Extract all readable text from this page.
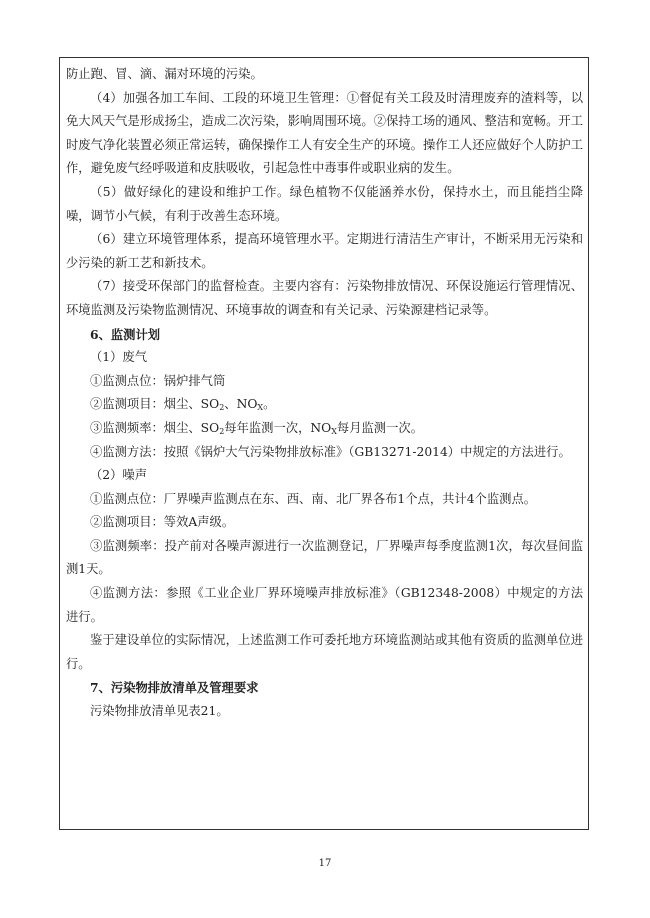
防止跑、冒、滴、漏对环境的污染。

（4）加强各加工车间、工段的环境卫生管理：①督促有关工段及时清理废弃的渣料等，以免大风天气是形成扬尘，造成二次污染，影响周围环境。②保持工场的通风、整洁和宽畅。开工时废气净化装置必须正常运转，确保操作工人有安全生产的环境。操作工人还应做好个人防护工作，避免废气经呼吸道和皮肤吸收，引起急性中毒事件或职业病的发生。

（5）做好绿化的建设和维护工作。绿色植物不仅能涵养水份，保持水土，而且能挡尘降噪，调节小气候，有利于改善生态环境。

（6）建立环境管理体系，提高环境管理水平。定期进行清洁生产审计，不断采用无污染和少污染的新工艺和新技术。

（7）接受环保部门的监督检查。主要内容有：污染物排放情况、环保设施运行管理情况、环境监测及污染物监测情况、环境事故的调查和有关记录、污染源建档记录等。

6、监测计划

（1）废气

①监测点位：锅炉排气筒

②监测项目：烟尘、$SO_2$、$NO_X$。

③监测频率：烟尘、$SO_2$每年监测一次，$NO_X$每月监测一次。

④监测方法：按照《锅炉大气污染物排放标准》（GB13271-2014）中规定的方法进行。

（2）噪声

①监测点位：厂界噪声监测点在东、西、南、北厂界各布1个点，共计4个监测点。

②监测项目：等效A声级。

③监测频率：投产前对各噪声源进行一次监测登记，厂界噪声每季度监测1次，每次昼间监测1天。

④监测方法：参照《工业企业厂界环境噪声排放标准》（GB12348-2008）中规定的方法进行。

鉴于建设单位的实际情况，上述监测工作可委托地方环境监测站或其他有资质的监测单位进行。

7、污染物排放清单及管理要求

污染物排放清单见表21。

17
